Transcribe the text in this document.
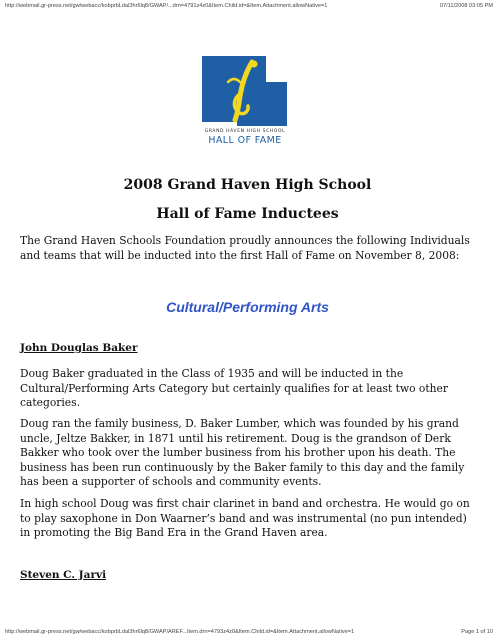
http://webmail.gr-press.net/gw/webacc/kobprbLdal3hr6lq8/GWAP/...drn=4791z4z0&Item.Child.id=&Item.Attachment.allowNative=1	07/11/2008 03:05 PM
GRAND HAVEN HIGH SCHOOL
HALL OF FAME
2008 Grand Haven High School
Hall of Fame Inductees
The Grand Haven Schools Foundation proudly announces the following Individuals and teams that will be inducted into the first Hall of Fame on November 8, 2008:
Cultural/Performing Arts
John Douglas Baker
Doug Baker graduated in the Class of 1935 and will be inducted in the Cultural/Performing Arts Category but certainly qualifies for at least two other categories.
Doug ran the family business, D. Baker Lumber, which was founded by his grand uncle, Jeltze Bakker, in 1871 until his retirement. Doug is the grandson of Derk Bakker who took over the lumber business from his brother upon his death. The business has been run continuously by the Baker family to this day and the family has been a supporter of schools and community events.
In high school Doug was first chair clarinet in band and orchestra. He would go on to play saxophone in Don Waarner’s band and was instrumental (no pun intended) in promoting the Big Band Era in the Grand Haven area.
Steven C. Jarvi
http://webmail.gr-press.net/gw/webacc/kobprbLdal3hr6lq8/GWAP/AREF...Item.drn=4793z4z0&Item.Child.id=&Item.Attachment.allowNative=1	Page 1 of 10
